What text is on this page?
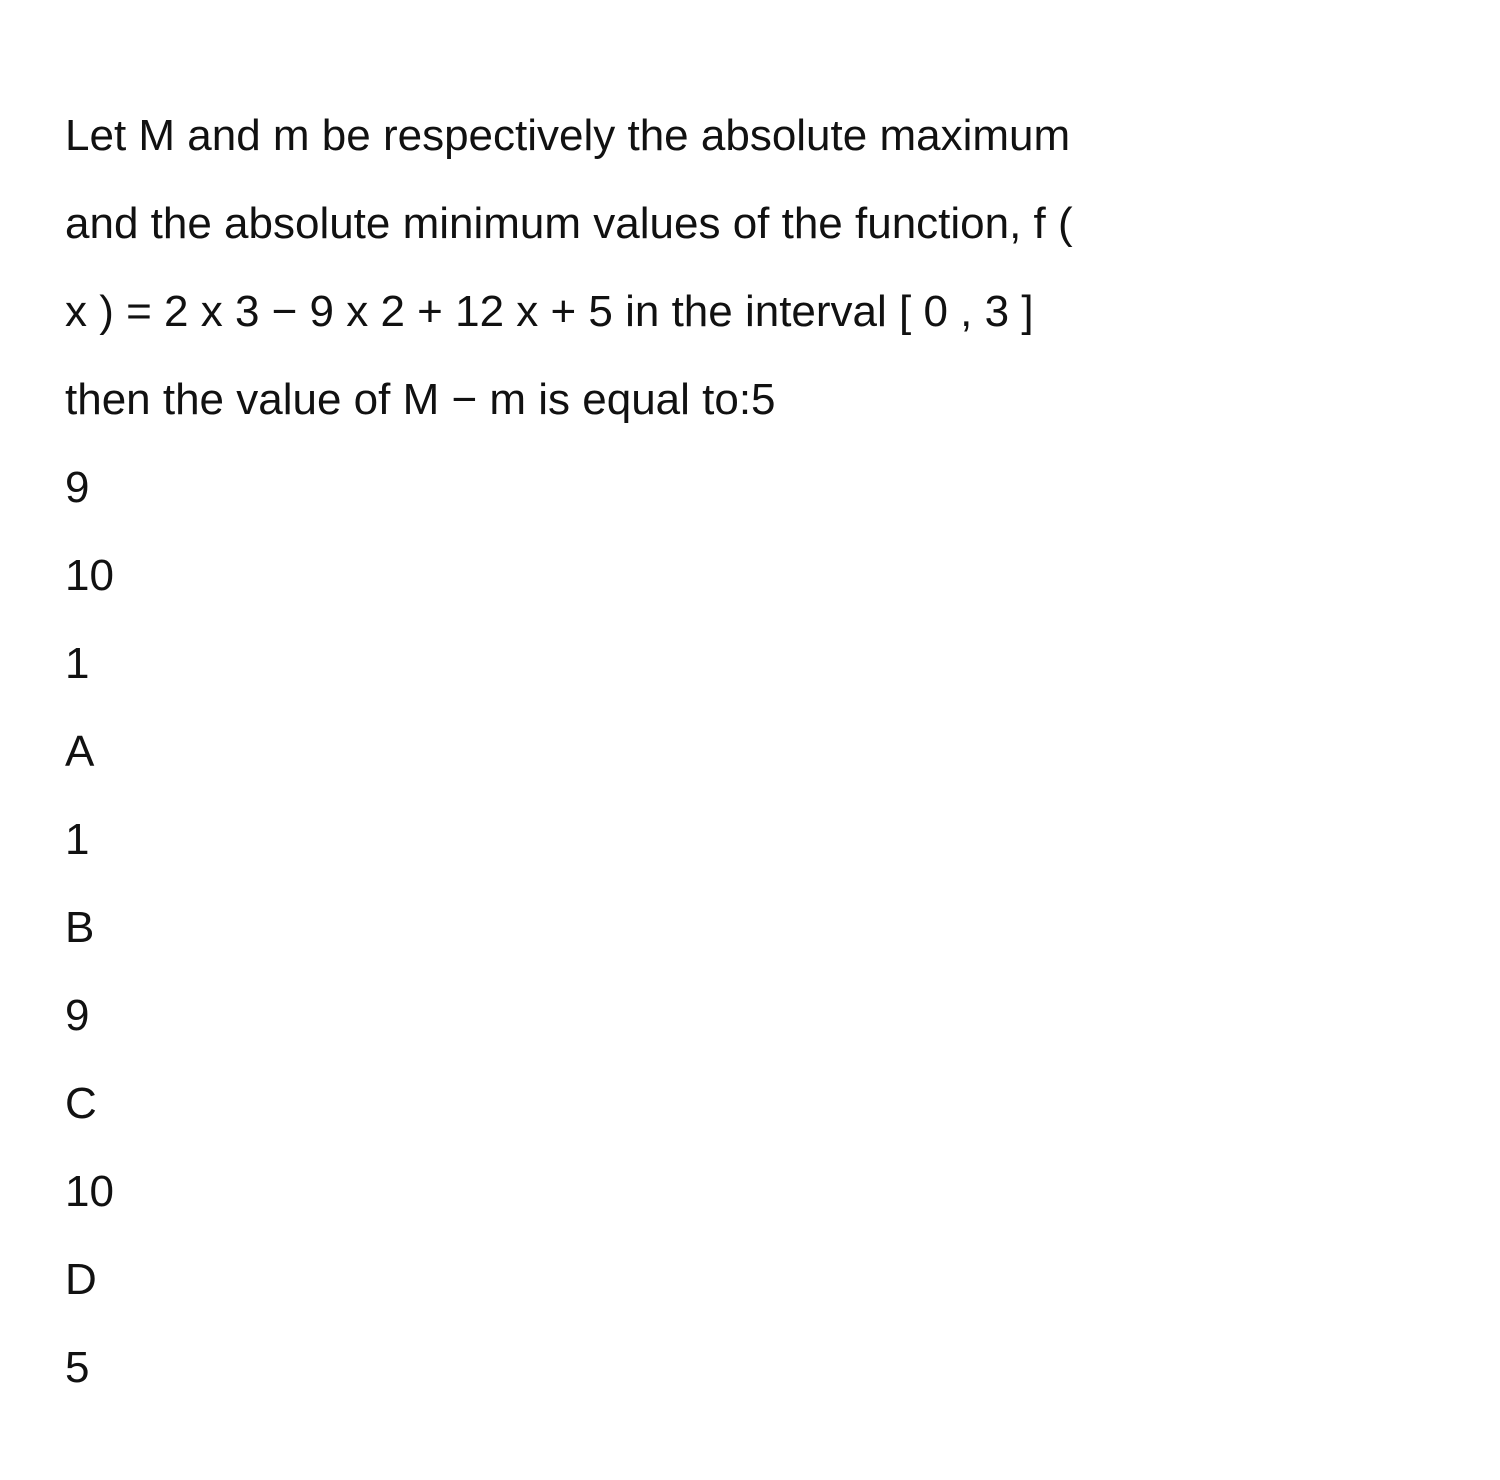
Let M and m be respectively the absolute maximum
and the absolute minimum values of the function, f (
x ) = 2 x 3 − 9 x 2 + 12 x + 5 in the interval [ 0 , 3 ]
then the value of M − m is equal to:5

9
10
1
A
1
B
9
C
10
D
5
